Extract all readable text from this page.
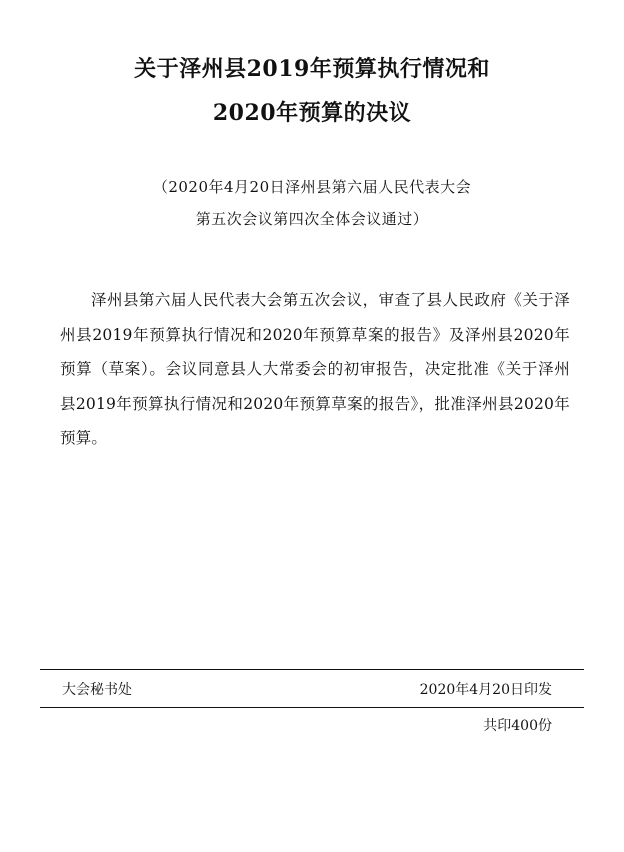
关于泽州县2019年预算执行情况和
2020年预算的决议
（2020年4月20日泽州县第六届人民代表大会
第五次会议第四次全体会议通过）
泽州县第六届人民代表大会第五次会议，审查了县人民政府《关于泽州县2019年预算执行情况和2020年预算草案的报告》及泽州县2020年预算（草案）。会议同意县人大常委会的初审报告，决定批准《关于泽州县2019年预算执行情况和2020年预算草案的报告》，批准泽州县2020年预算。
大会秘书处	2020年4月20日印发
共印400份
